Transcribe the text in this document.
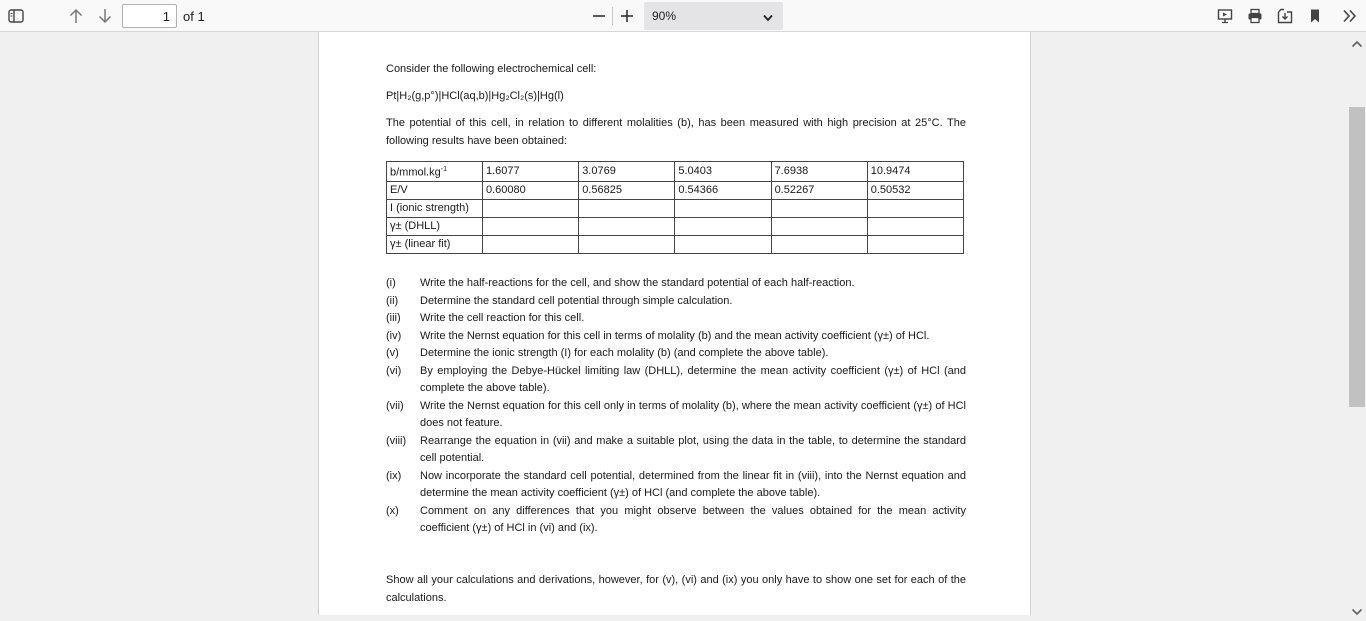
1
of 1	90%

Consider the following electrochemical cell:

Pt|H₂(g,p°)|HCl(aq,b)|Hg₂Cl₂(s)|Hg(l)

The potential of this cell, in relation to different molalities (b), has been measured with high precision at 25°C. The following results have been obtained:

$b/mmol.kg^{-1}$	1.6077	3.0769	5.0403	7.6938	10.9474
E/V	0.60080	0.56825	0.54366	0.52267	0.50532
I (ionic strength)					
γ± (DHLL)					
γ± (linear fit)					
(i)	Write the half-reactions for the cell, and show the standard potential of each half-reaction.
(ii)	Determine the standard cell potential through simple calculation.
(iii)	Write the cell reaction for this cell.
(iv)	Write the Nernst equation for this cell in terms of molality (b) and the mean activity coefficient (γ±) of HCl.
(v)	Determine the ionic strength (I) for each molality (b) (and complete the above table).
(vi)	By employing the Debye-Hückel limiting law (DHLL), determine the mean activity coefficient (γ±) of HCl (and complete the above table).
(vii)	Write the Nernst equation for this cell only in terms of molality (b), where the mean activity coefficient (γ±) of HCl does not feature.
(viii)	Rearrange the equation in (vii) and make a suitable plot, using the data in the table, to determine the standard cell potential.
(ix)	Now incorporate the standard cell potential, determined from the linear fit in (viii), into the Nernst equation and determine the mean activity coefficient (γ±) of HCl (and complete the above table).
(x)	Comment on any differences that you might observe between the values obtained for the mean activity coefficient (γ±) of HCl in (vi) and (ix).

Show all your calculations and derivations, however, for (v), (vi) and (ix) you only have to show one set for each of the calculations.
